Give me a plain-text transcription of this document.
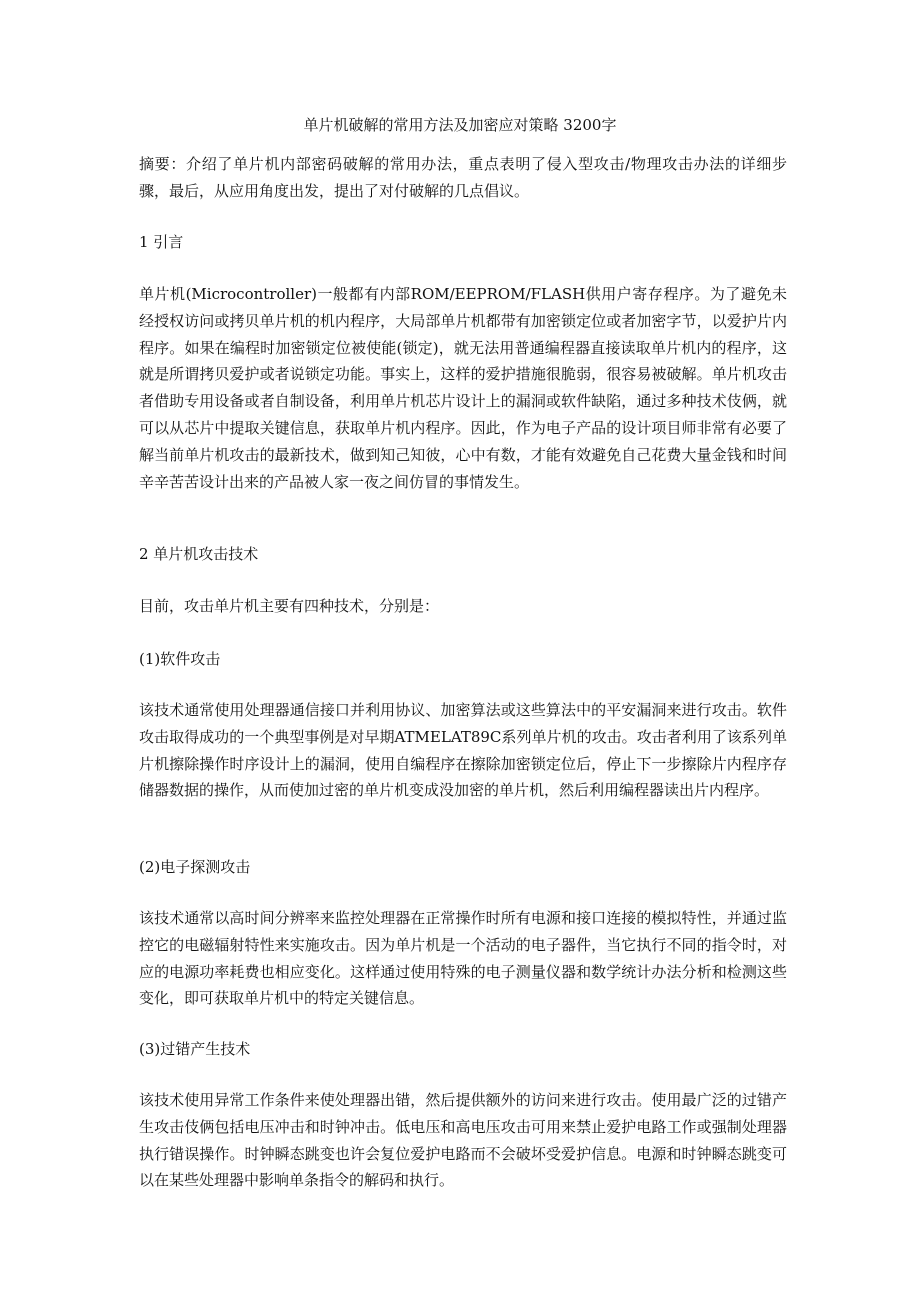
单片机破解的常用方法及加密应对策略 3200字

摘要：介绍了单片机内部密码破解的常用办法，重点表明了侵入型攻击/物理攻击办法的详细步骤，最后，从应用角度出发，提出了对付破解的几点倡议。

1 引言

单片机(Microcontroller)一般都有内部ROM/EEPROM/FLASH供用户寄存程序。为了避免未经授权访问或拷贝单片机的机内程序，大局部单片机都带有加密锁定位或者加密字节，以爱护片内程序。如果在编程时加密锁定位被使能(锁定)，就无法用普通编程器直接读取单片机内的程序，这就是所谓拷贝爱护或者说锁定功能。事实上，这样的爱护措施很脆弱，很容易被破解。单片机攻击者借助专用设备或者自制设备，利用单片机芯片设计上的漏洞或软件缺陷，通过多种技术伎俩，就可以从芯片中提取关键信息，获取单片机内程序。因此，作为电子产品的设计项目师非常有必要了解当前单片机攻击的最新技术，做到知己知彼，心中有数，才能有效避免自己花费大量金钱和时间辛辛苦苦设计出来的产品被人家一夜之间仿冒的事情发生。

2 单片机攻击技术

目前，攻击单片机主要有四种技术，分别是：

(1)软件攻击

该技术通常使用处理器通信接口并利用协议、加密算法或这些算法中的平安漏洞来进行攻击。软件攻击取得成功的一个典型事例是对早期ATMELAT89C系列单片机的攻击。攻击者利用了该系列单片机擦除操作时序设计上的漏洞，使用自编程序在擦除加密锁定位后，停止下一步擦除片内程序存储器数据的操作，从而使加过密的单片机变成没加密的单片机，然后利用编程器读出片内程序。

(2)电子探测攻击

该技术通常以高时间分辨率来监控处理器在正常操作时所有电源和接口连接的模拟特性，并通过监控它的电磁辐射特性来实施攻击。因为单片机是一个活动的电子器件，当它执行不同的指令时，对应的电源功率耗费也相应变化。这样通过使用特殊的电子测量仪器和数学统计办法分析和检测这些变化，即可获取单片机中的特定关键信息。

(3)过错产生技术

该技术使用异常工作条件来使处理器出错，然后提供额外的访问来进行攻击。使用最广泛的过错产生攻击伎俩包括电压冲击和时钟冲击。低电压和高电压攻击可用来禁止爱护电路工作或强制处理器执行错误操作。时钟瞬态跳变也许会复位爱护电路而不会破坏受爱护信息。电源和时钟瞬态跳变可以在某些处理器中影响单条指令的解码和执行。
